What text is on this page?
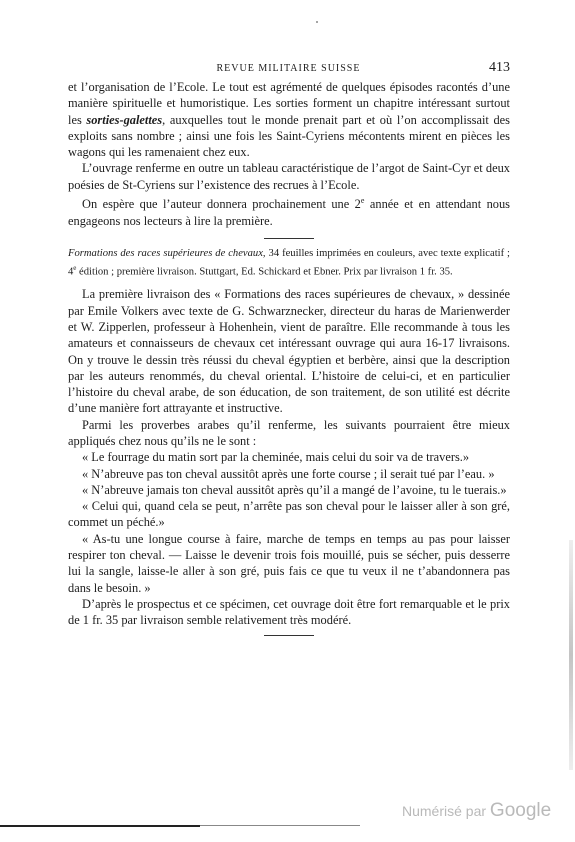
REVUE MILITAIRE SUISSE	413

et l’organisation de l’Ecole. Le tout est agrémenté de quelques épisodes racontés d’une manière spirituelle et humoristique. Les sorties forment un chapitre intéressant surtout les sorties-galettes, auxquelles tout le monde prenait part et où l’on accomplissait des exploits sans nombre ; ainsi une fois les Saint-Cyriens mécontents mirent en pièces les wagons qui les ramenaient chez eux.

L’ouvrage renferme en outre un tableau caractéristique de l’argot de Saint-Cyr et deux poésies de St-Cyriens sur l’existence des recrues à l’Ecole.

On espère que l’auteur donnera prochainement une 2e année et en attendant nous engageons nos lecteurs à lire la première.

Formations des races supérieures de chevaux, 34 feuilles imprimées en couleurs, avec texte explicatif ; 4e édition ; première livraison. Stuttgart, Ed. Schickard et Ebner. Prix par livraison 1 fr. 35.

La première livraison des « Formations des races supérieures de chevaux, » dessinée par Emile Volkers avec texte de G. Schwarznecker, directeur du haras de Marienwerder et W. Zipperlen, professeur à Hohenhein, vient de paraître. Elle recommande à tous les amateurs et connaisseurs de chevaux cet intéressant ouvrage qui aura 16-17 livraisons. On y trouve le dessin très réussi du cheval égyptien et berbère, ainsi que la description par les auteurs renommés, du cheval oriental. L’histoire de celui-ci, et en particulier l’histoire du cheval arabe, de son éducation, de son traitement, de son utilité est décrite d’une manière fort attrayante et instructive.

Parmi les proverbes arabes qu’il renferme, les suivants pourraient être mieux appliqués chez nous qu’ils ne le sont :

« Le fourrage du matin sort par la cheminée, mais celui du soir va de travers.»

« N’abreuve pas ton cheval aussitôt après une forte course ; il serait tué par l’eau. »

« N’abreuve jamais ton cheval aussitôt après qu’il a mangé de l’avoine, tu le tuerais.»

« Celui qui, quand cela se peut, n’arrête pas son cheval pour le laisser aller à son gré, commet un péché.»

« As-tu une longue course à faire, marche de temps en temps au pas pour laisser respirer ton cheval. — Laisse le devenir trois fois mouillé, puis se sécher, puis desserre lui la sangle, laisse-le aller à son gré, puis fais ce que tu veux il ne t’abandonnera pas dans le besoin. »

D’après le prospectus et ce spécimen, cet ouvrage doit être fort remarquable et le prix de 1 fr. 35 par livraison semble relativement très modéré.

Numérisé par Google
